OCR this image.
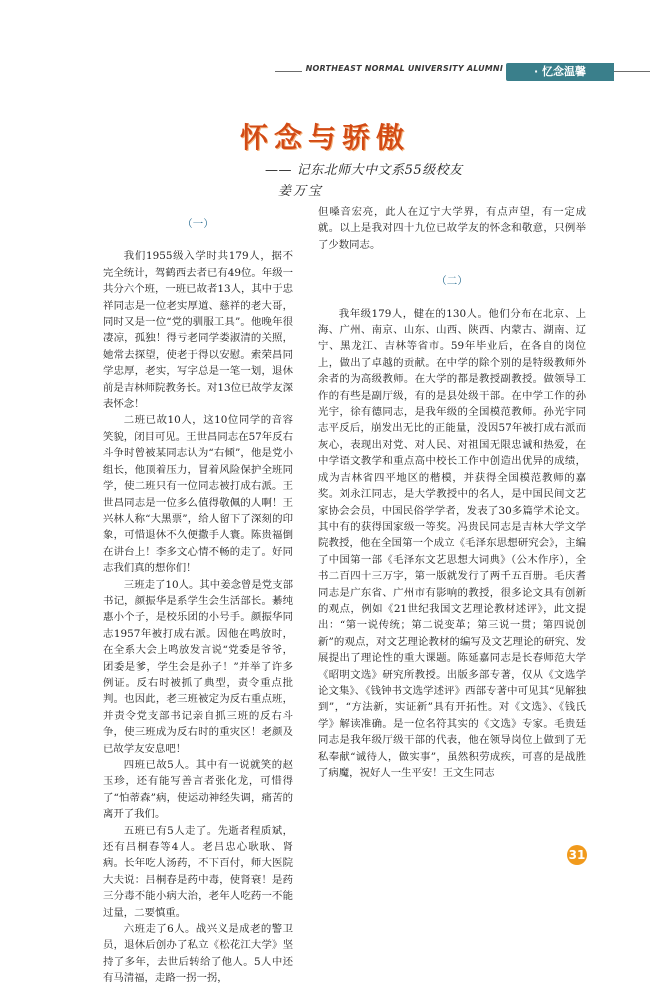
NORTHEAST NORMAL UNIVERSITY ALUMNI	· 忆念温馨
怀念与骄傲
—— 记东北师大中文系55级校友
姜万宝
（一）

我们1955级入学时共179人，据不完全统计，驾鹤西去者已有49位。年级一共分六个班，一班已故者13人，其中于忠祥同志是一位老实厚道、慈祥的老大哥，同时又是一位“党的驯服工具”。他晚年很凄凉，孤独！得亏老同学娄淑清的关照，她常去探望，使老于得以安慰。索荣昌同学忠厚，老实，写字总是一笔一划，退休前是吉林师院教务长。对13位已故学友深表怀念！

二班已故10人，这10位同学的音容笑貌，闭目可见。王世昌同志在57年反右斗争时曾被某同志认为“右倾”，他是党小组长，他顶着压力，冒着风险保护全班同学，使二班只有一位同志被打成右派。王世昌同志是一位多么值得敬佩的人啊！王兴林人称“大黑票”，给人留下了深刻的印象，可惜退休不久便撒手人寰。陈贵福倒在讲台上！李多文心情不畅的走了。好同志我们真的想你们！

三班走了10人。其中姜念曾是党支部书记，颜振华是系学生会生活部长。綦纯惠小个子，是校乐团的小号手。颜振华同志1957年被打成右派。因他在鸣放时，在全系大会上鸣放发言说“党委是爷爷，团委是爹，学生会是孙子！”并举了许多例证。反右时被抓了典型，责令重点批判。也因此，老三班被定为反右重点班，并责令党支部书记亲自抓三班的反右斗争，使三班成为反右时的重灾区！老颜及已故学友安息吧！

四班已故5人。其中有一说就笑的赵玉珍，还有能写善言者张化龙，可惜得了“怕蒂森”病，使运动神经失调，痛苦的离开了我们。

五班已有5人走了。先逝者程质斌，还有吕桐春等4人。老吕忠心耿耿、肾病。长年吃人汤药，不下百付，师大医院大夫说：吕桐春是药中毒，使肾衰！是药三分毒不能小病大治，老年人吃药一不能过量，二要慎重。

六班走了6人。战兴义是成老的警卫员，退休后创办了私立《松花江大学》坚持了多年，去世后转给了他人。5人中还有马清福，走路一拐一拐，

但嗓音宏亮，此人在辽宁大学界，有点声望，有一定成就。以上是我对四十九位已故学友的怀念和敬意，只例举了少数同志。

（二）

我年级179人，健在的130人。他们分布在北京、上海、广州、南京、山东、山西、陕西、内蒙古、湖南、辽宁、黑龙江、吉林等省市。59年毕业后，在各自的岗位上，做出了卓越的贡献。在中学的除个别的是特级教师外余者的为高级教师。在大学的都是教授副教授。做领导工作的有些是副厅级，有的是县处级干部。在中学工作的孙光宇，徐有德同志，是我年级的全国模范教师。孙光宇同志平反后，崩发出无比的正能量，没因57年被打成右派而灰心，表现出对党、对人民、对祖国无限忠诚和热爱，在中学语文教学和重点高中校长工作中创造出优异的成绩，成为吉林省四平地区的楷模，并获得全国模范教师的嘉奖。刘永江同志，是大学教授中的名人，是中国民间文艺家协会会员，中国民俗学学者，发表了30多篇学术论文。其中有的获得国家级一等奖。冯贵民同志是吉林大学文学院教授，他在全国第一个成立《毛泽东思想研究会》，主编了中国第一部《毛泽东文艺思想大词典》（公木作序），全书二百四十三万字，第一版就发行了两千五百册。毛庆耆同志是广东省、广州市有影响的教授，很多论文具有创新的观点，例如《21世纪我国文艺理论教材述评》，此文提出：“第一说传统；第二说变革；第三说一贯；第四说创新”的观点，对文艺理论教材的编写及文艺理论的研究、发展提出了理论性的重大课题。陈延嘉同志是长春师范大学《昭明文选》研究所教授。出版多部专著，仅从《文选学论文集》、《钱钟书文选学述评》西部专著中可见其“见解独到”，“方法新，实证新”具有开拓性。对《文选》、《钱氏学》解读准确。是一位名符其实的《文选》专家。毛贵廷同志是我年级厅级干部的代表，他在领导岗位上做到了无私奉献“诚待人，做实事”，虽然积劳成疾，可喜的是战胜了病魔，祝好人一生平安！王文生同志

31
